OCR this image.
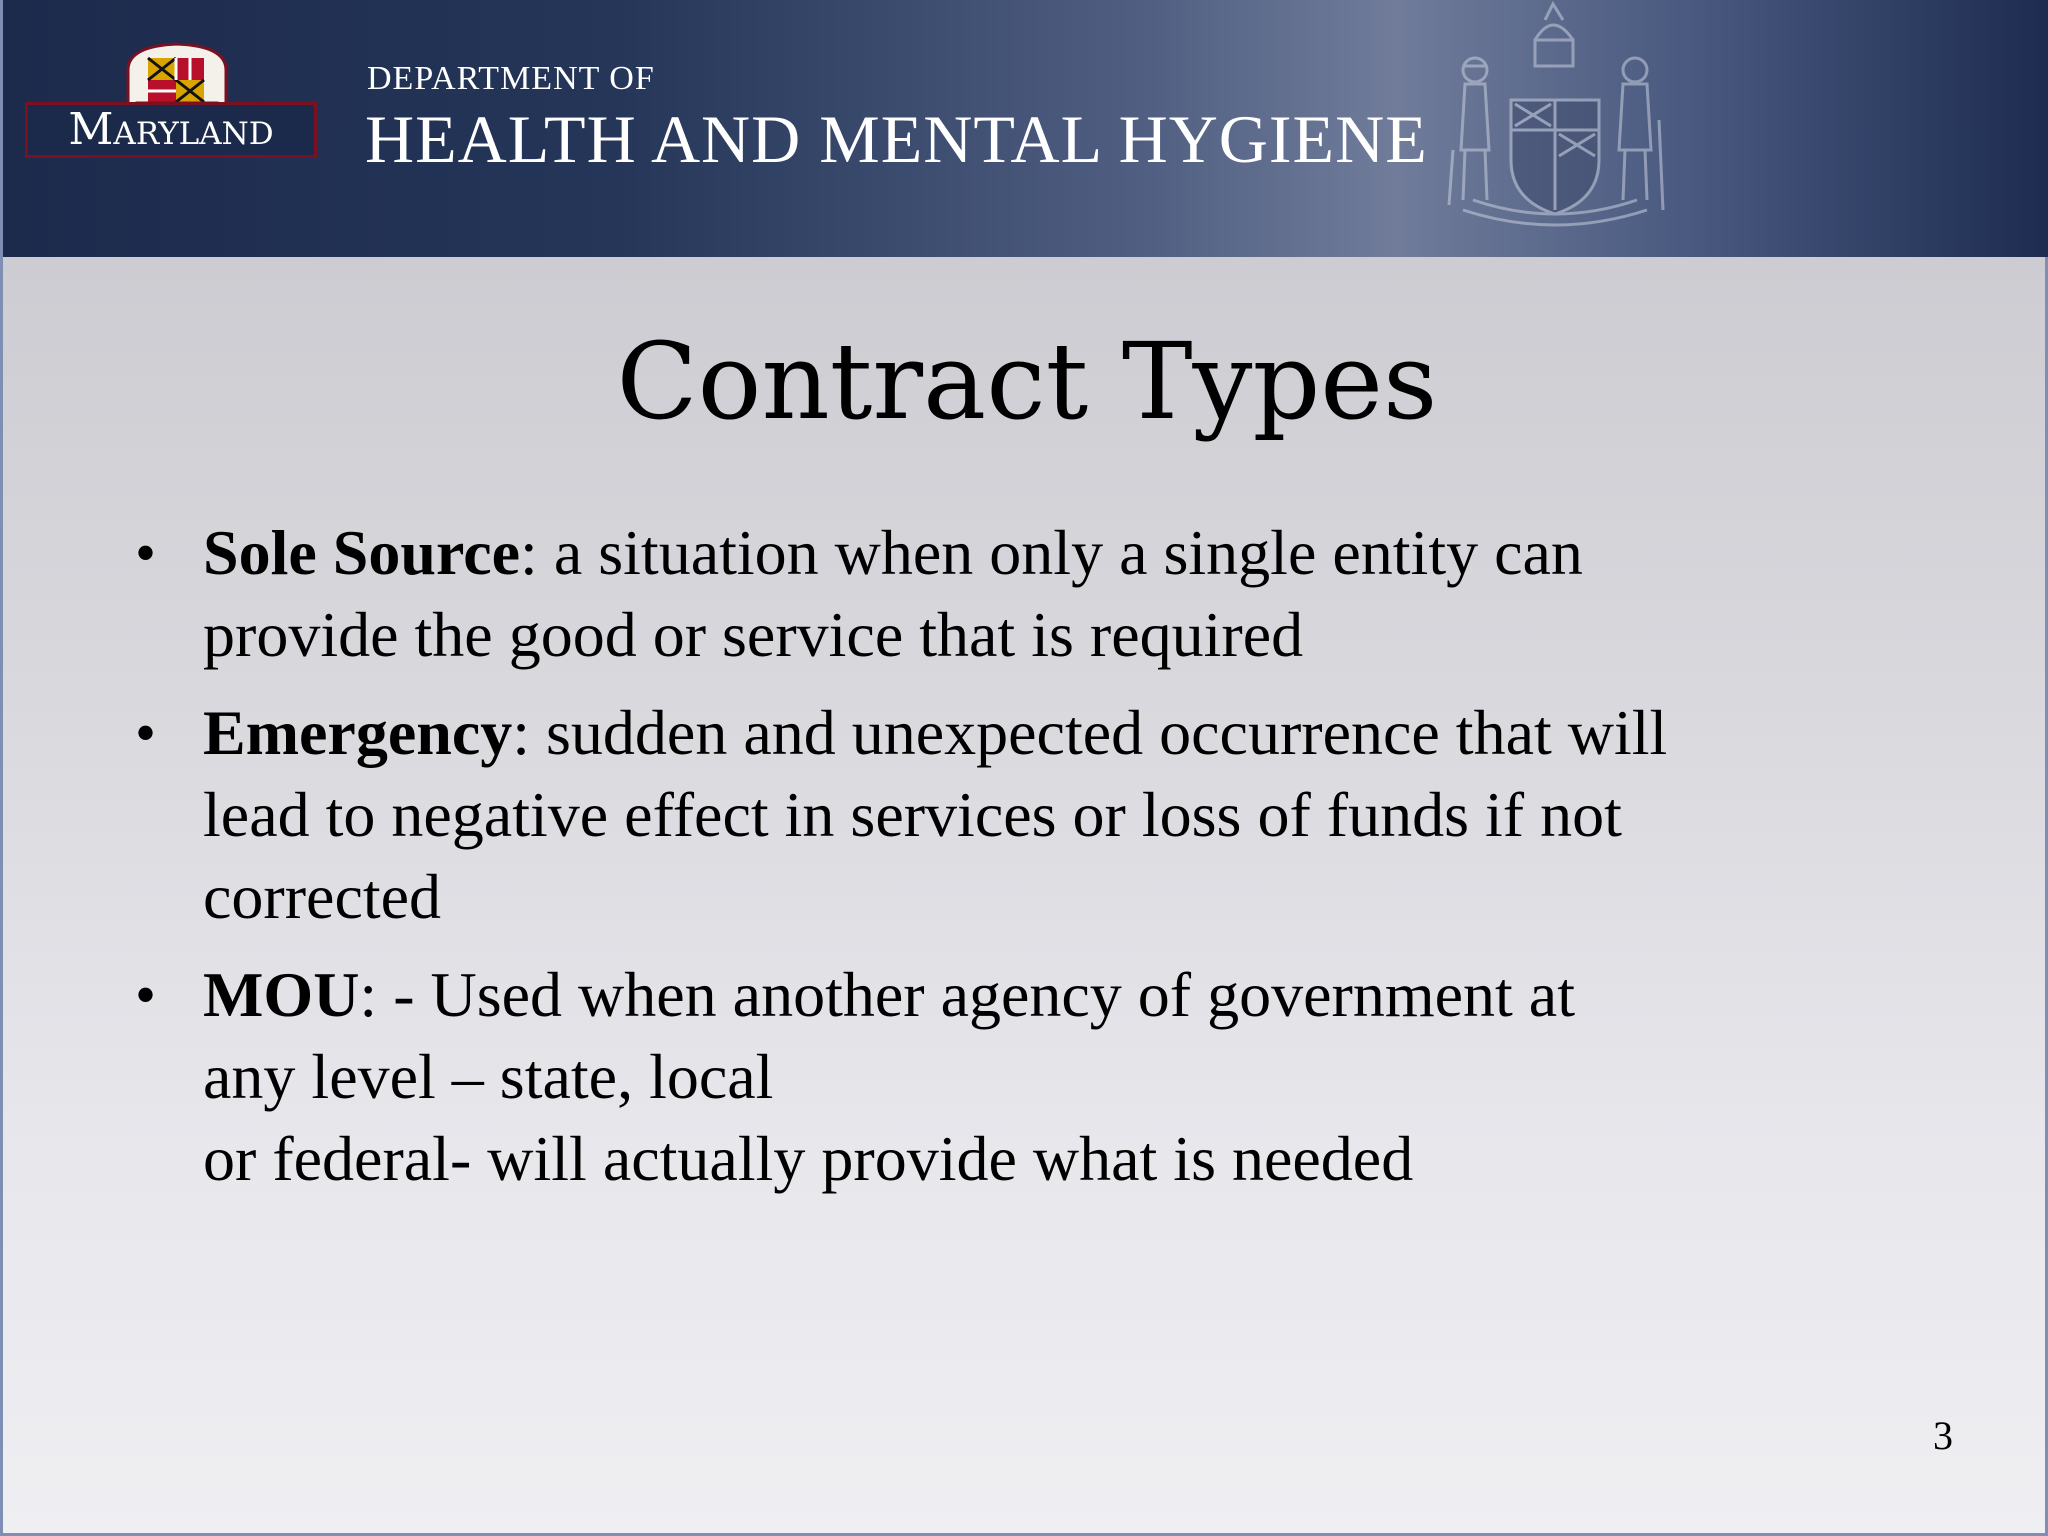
Maryland
DEPARTMENT OF
HEALTH AND MENTAL HYGIENE
Contract Types
• Sole Source: a situation when only a single entity can
provide the good or service that is required
• Emergency: sudden and unexpected occurrence that will
lead to negative effect in services or loss of funds if not
corrected
• MOU: - Used when another agency of government at
any level – state, local
or federal- will actually provide what is needed
3
